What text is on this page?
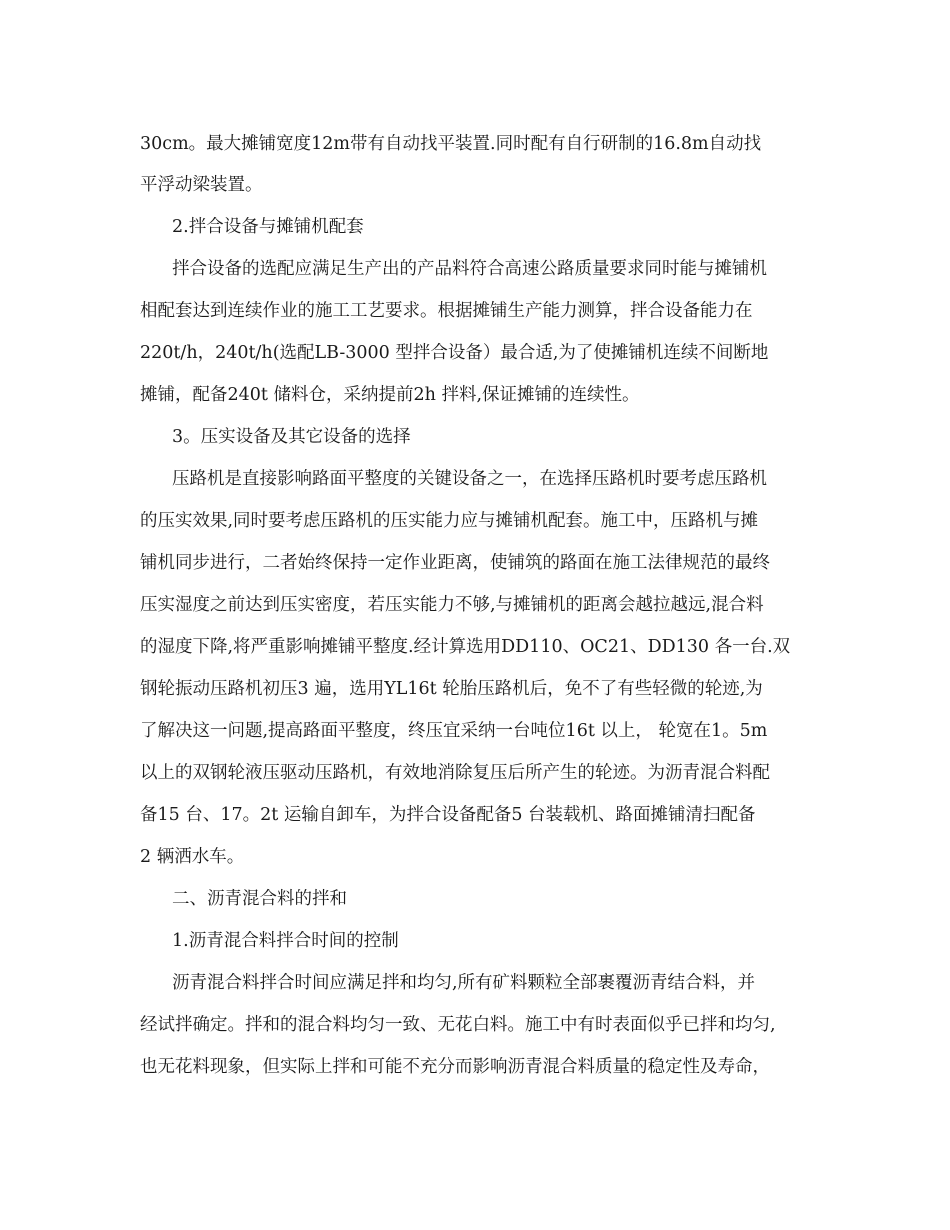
30cm。最大摊铺宽度12m带有自动找平装置.同时配有自行研制的16.8m自动找
平浮动梁装置。
2.拌合设备与摊铺机配套
拌合设备的选配应满足生产出的产品料符合高速公路质量要求同时能与摊铺机
相配套达到连续作业的施工工艺要求。根据摊铺生产能力测算，拌合设备能力在
220t/h，240t/h(选配LB-3000 型拌合设备）最合适,为了使摊铺机连续不间断地
摊铺，配备240t 储料仓，采纳提前2h 拌料,保证摊铺的连续性。
3。压实设备及其它设备的选择
压路机是直接影响路面平整度的关键设备之一，在选择压路机时要考虑压路机
的压实效果,同时要考虑压路机的压实能力应与摊铺机配套。施工中，压路机与摊
铺机同步进行，二者始终保持一定作业距离，使铺筑的路面在施工法律规范的最终
压实湿度之前达到压实密度，若压实能力不够,与摊铺机的距离会越拉越远,混合料
的湿度下降,将严重影响摊铺平整度.经计算选用DD110、OC21、DD130 各一台.双
钢轮振动压路机初压3 遍，选用YL16t 轮胎压路机后，免不了有些轻微的轮迹,为
了解决这一问题,提高路面平整度，终压宜采纳一台吨位16t 以上， 轮宽在1。5m
以上的双钢轮液压驱动压路机，有效地消除复压后所产生的轮迹。为沥青混合料配
备15 台、17。2t 运输自卸车，为拌合设备配备5 台装载机、路面摊铺清扫配备
2 辆洒水车。
二、沥青混合料的拌和
1.沥青混合料拌合时间的控制
沥青混合料拌合时间应满足拌和均匀,所有矿料颗粒全部裹覆沥青结合料，并
经试拌确定。拌和的混合料均匀一致、无花白料。施工中有时表面似乎已拌和均匀,
也无花料现象，但实际上拌和可能不充分而影响沥青混合料质量的稳定性及寿命，
